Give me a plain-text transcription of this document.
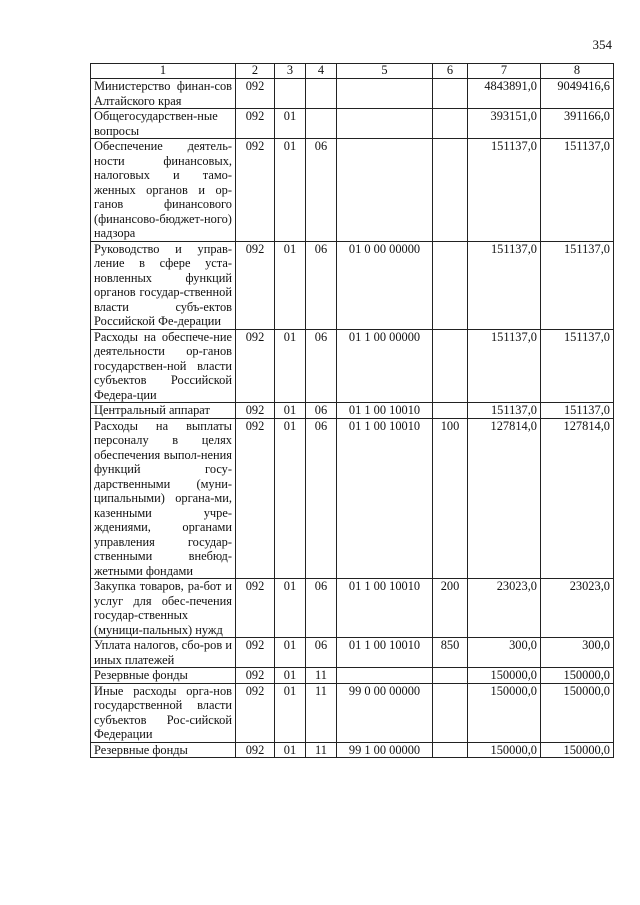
354
1	2	3	4	5	6	7	8
Министерство финан-сов Алтайского края	092					4843891,0	9049416,6
Общегосударствен-ные вопросы	092	01				393151,0	391166,0
Обеспечение деятель-ности финансовых, налоговых и тамо-женных органов и ор-ганов финансового (финансово-бюджет-ного) надзора	092	01	06			151137,0	151137,0
Руководство и управ-ление в сфере уста-новленных функций органов государ-ственной власти субъ-ектов Российской Фе-дерации	092	01	06	01 0 00 00000		151137,0	151137,0
Расходы на обеспече-ние деятельности ор-ганов государствен-ной власти субъектов Российской Федера-ции	092	01	06	01 1 00 00000		151137,0	151137,0
Центральный аппарат	092	01	06	01 1 00 10010		151137,0	151137,0
Расходы на выплаты персоналу в целях обеспечения выпол-нения функций госу-дарственными (муни-ципальными) органа-ми, казенными учре-ждениями, органами управления государ-ственными внебюд-жетными фондами	092	01	06	01 1 00 10010	100	127814,0	127814,0
Закупка товаров, ра-бот и услуг для обес-печения государ-ственных (муници-пальных) нужд	092	01	06	01 1 00 10010	200	23023,0	23023,0
Уплата налогов, сбо-ров и иных платежей	092	01	06	01 1 00 10010	850	300,0	300,0
Резервные фонды	092	01	11			150000,0	150000,0
Иные расходы орга-нов государственной власти субъектов Рос-сийской Федерации	092	01	11	99 0 00 00000		150000,0	150000,0
Резервные фонды	092	01	11	99 1 00 00000		150000,0	150000,0
